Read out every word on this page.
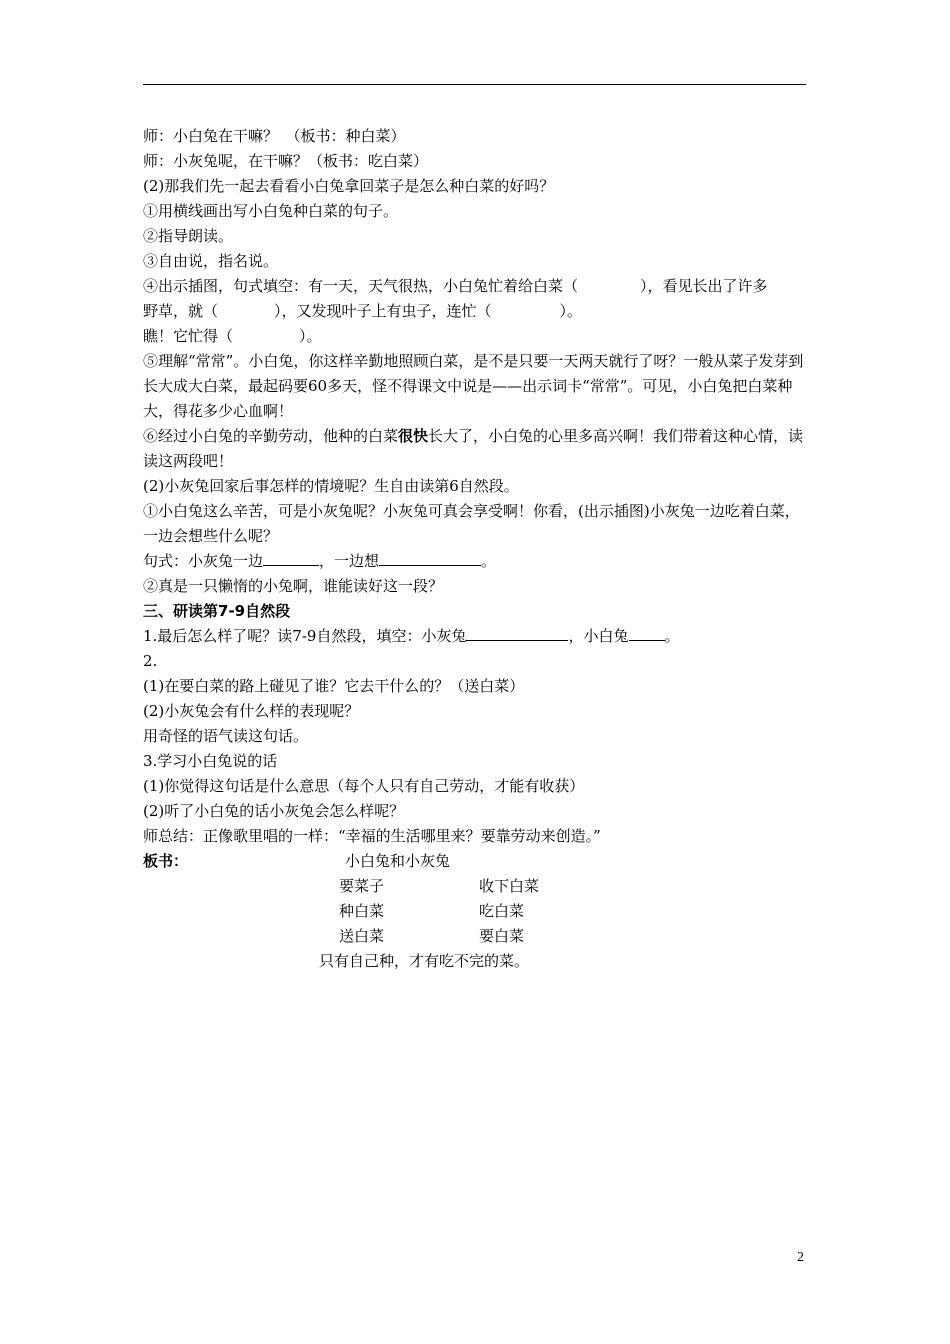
师：小白兔在干嘛？　（板书：种白菜）
师：小灰兔呢，在干嘛？（板书：吃白菜）
(2)那我们先一起去看看小白兔拿回菜子是怎么种白菜的好吗？
①用横线画出写小白兔种白菜的句子。
②指导朗读。
③自由说，指名说。
④出示插图，句式填空：有一天，天气很热，小白兔忙着给白菜（	），看见长出了许多
野草，就（	），又发现叶子上有虫子，连忙（	）。
瞧！它忙得（	）。
⑤理解“常常”。小白兔，你这样辛勤地照顾白菜，是不是只要一天两天就行了呀？一般从菜子发芽到长大成大白菜，最起码要60多天，怪不得课文中说是——出示词卡“常常”。可见，小白兔把白菜种大，得花多少心血啊！
⑥经过小白兔的辛勤劳动，他种的白菜很快长大了，小白兔的心里多高兴啊！我们带着这种心情，读读这两段吧！
(2)小灰兔回家后事怎样的情境呢？生自由读第6自然段。
①小白兔这么辛苦，可是小灰兔呢？小灰兔可真会享受啊！你看，(出示插图)小灰兔一边吃着白菜，一边会想些什么呢？
句式：小灰兔一边	，一边想	。
②真是一只懒惰的小兔啊，谁能读好这一段？
三、研读第7-9自然段
1.最后怎么样了呢？读7-9自然段，填空：小灰兔	，小白兔 。
2.
(1)在要白菜的路上碰见了谁？它去干什么的？（送白菜）
(2)小灰兔会有什么样的表现呢？
用奇怪的语气读这句话。
3.学习小白兔说的话
(1)你觉得这句话是什么意思（每个人只有自己劳动，才能有收获）
(2)听了小白兔的话小灰兔会怎么样呢？
师总结：正像歌里唱的一样：“幸福的生活哪里来？要靠劳动来创造。”
板书：	小白兔和小灰兔
要菜子	收下白菜
种白菜	吃白菜
送白菜	要白菜
只有自己种，才有吃不完的菜。
2
